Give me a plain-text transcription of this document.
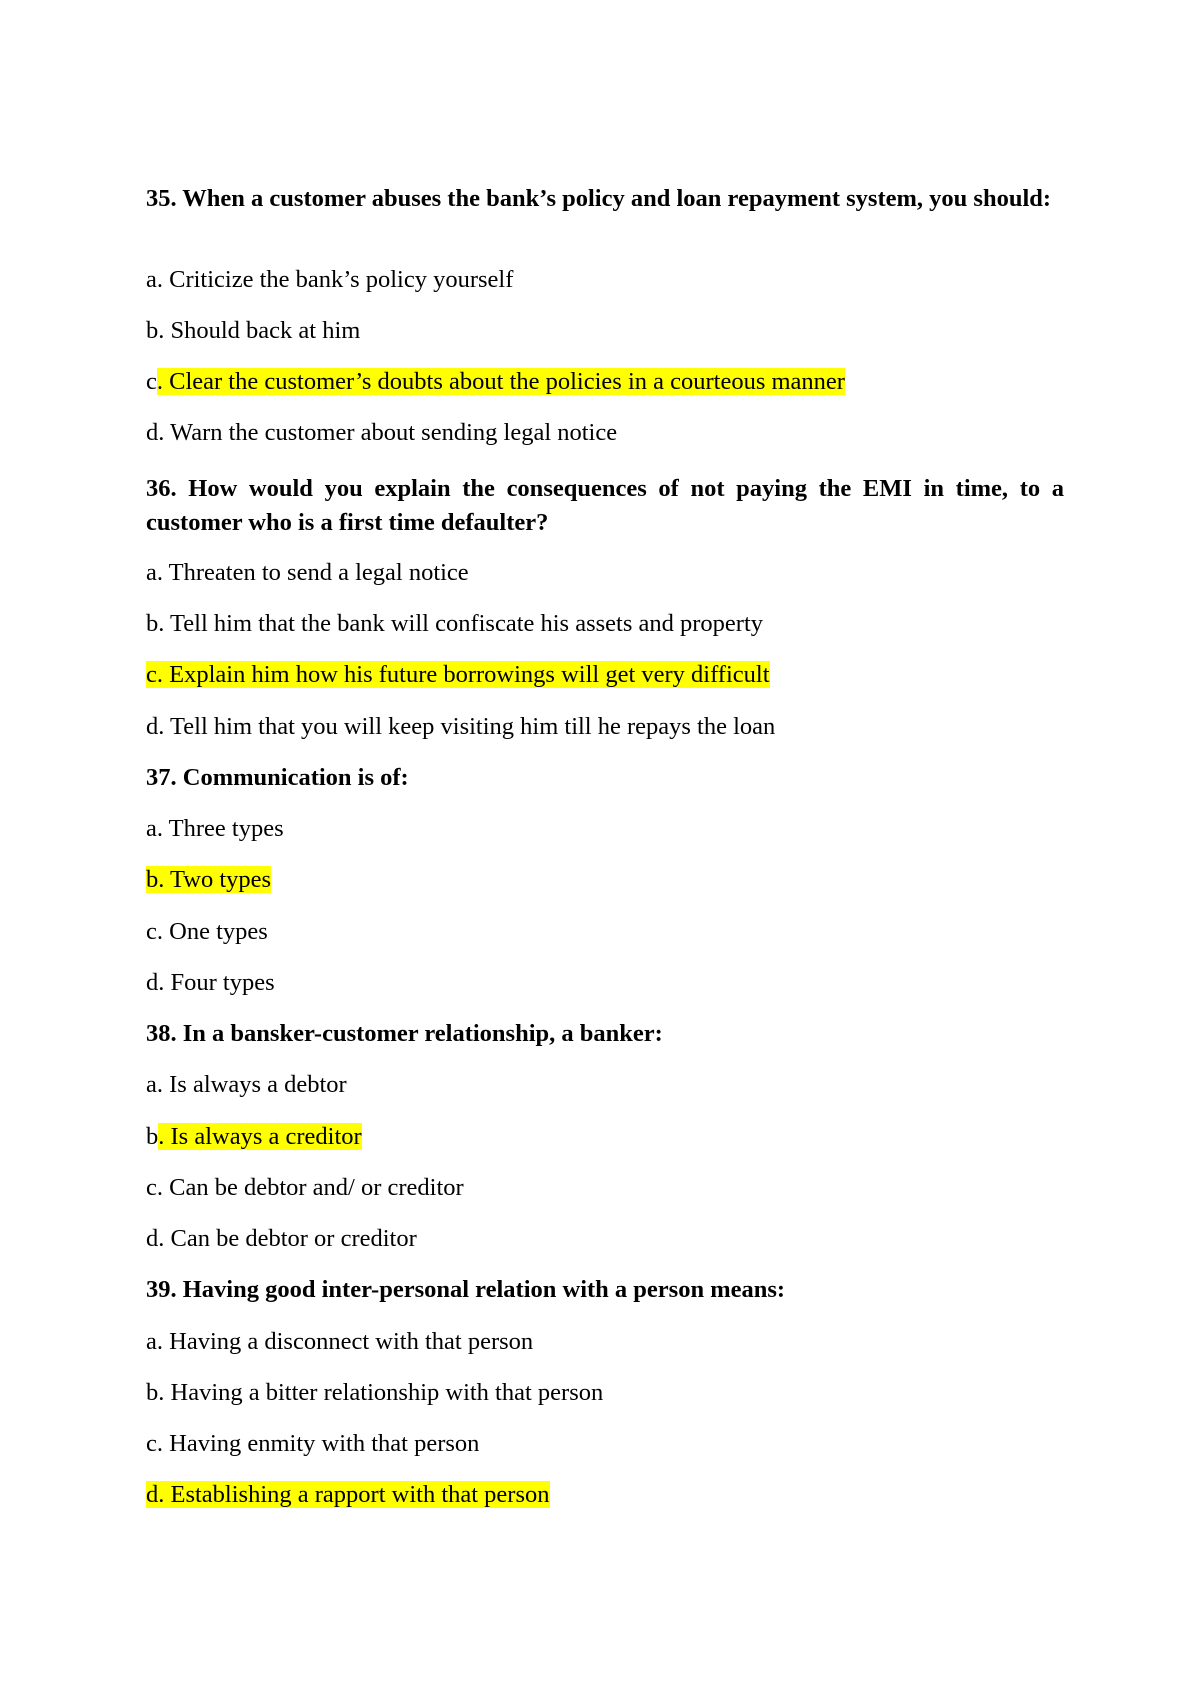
35. When a customer abuses the bank’s policy and loan repayment system, you should:
a. Criticize the bank’s policy yourself
b. Should back at him
c. Clear the customer’s doubts about the policies in a courteous manner
d. Warn the customer about sending legal notice
36. How would you explain the consequences of not paying the EMI in time, to a customer who is a first time defaulter?
a. Threaten to send a legal notice
b. Tell him that the bank will confiscate his assets and property
c. Explain him how his future borrowings will get very difficult
d. Tell him that you will keep visiting him till he repays the loan
37. Communication is of:
a. Three types
b. Two types
c. One types
d. Four types
38. In a bansker-customer relationship, a banker:
a. Is always a debtor
b. Is always a creditor
c. Can be debtor and/ or creditor
d. Can be debtor or creditor
39. Having good inter-personal relation with a person means:
a. Having a disconnect with that person
b. Having a bitter relationship with that person
c. Having enmity with that person
d. Establishing a rapport with that person
